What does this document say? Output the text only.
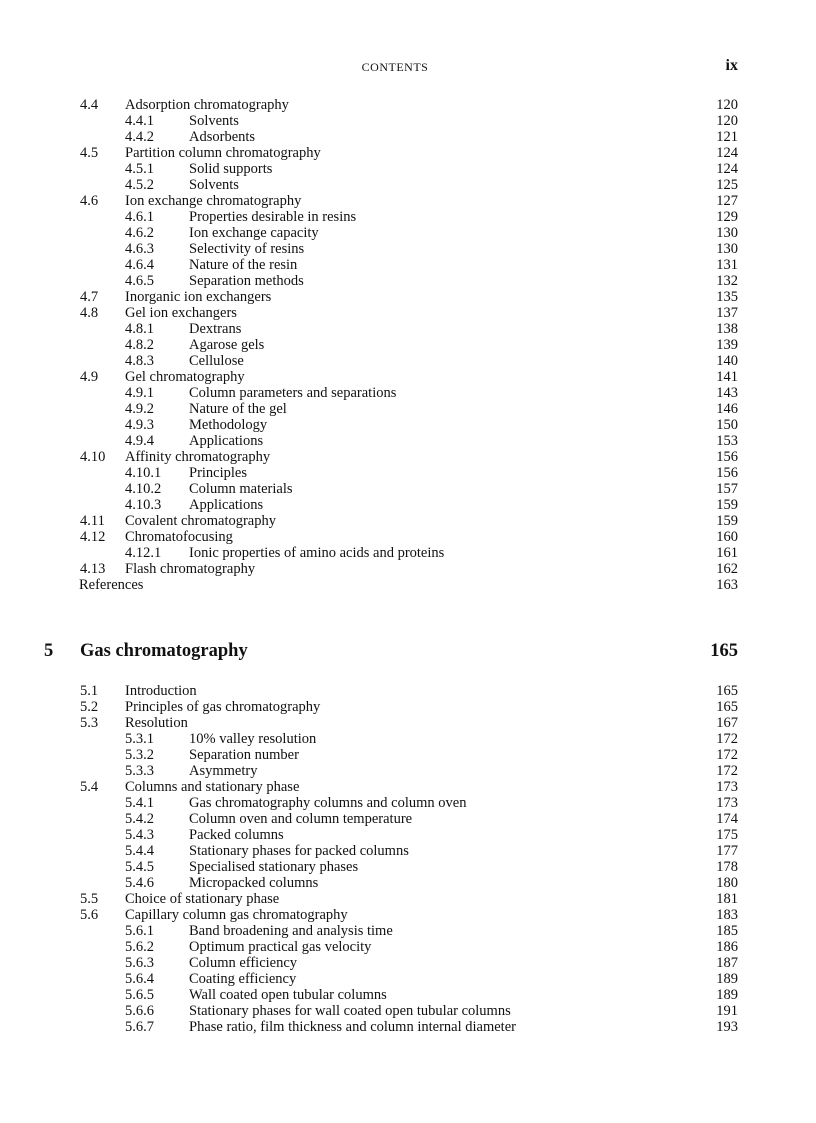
CONTENTS	ix
4.4 Adsorption chromatography	120
4.4.1 Solvents	120
4.4.2 Adsorbents	121
4.5 Partition column chromatography	124
4.5.1 Solid supports	124
4.5.2 Solvents	125
4.6 Ion exchange chromatography	127
4.6.1 Properties desirable in resins	129
4.6.2 Ion exchange capacity	130
4.6.3 Selectivity of resins	130
4.6.4 Nature of the resin	131
4.6.5 Separation methods	132
4.7 Inorganic ion exchangers	135
4.8 Gel ion exchangers	137
4.8.1 Dextrans	138
4.8.2 Agarose gels	139
4.8.3 Cellulose	140
4.9 Gel chromatography	141
4.9.1 Column parameters and separations	143
4.9.2 Nature of the gel	146
4.9.3 Methodology	150
4.9.4 Applications	153
4.10 Affinity chromatography	156
4.10.1 Principles	156
4.10.2 Column materials	157
4.10.3 Applications	159
4.11 Covalent chromatography	159
4.12 Chromatofocusing	160
4.12.1 Ionic properties of amino acids and proteins	161
4.13 Flash chromatography	162
References	163
5 Gas chromatography	165
5.1 Introduction	165
5.2 Principles of gas chromatography	165
5.3 Resolution	167
5.3.1 10% valley resolution	172
5.3.2 Separation number	172
5.3.3 Asymmetry	172
5.4 Columns and stationary phase	173
5.4.1 Gas chromatography columns and column oven	173
5.4.2 Column oven and column temperature	174
5.4.3 Packed columns	175
5.4.4 Stationary phases for packed columns	177
5.4.5 Specialised stationary phases	178
5.4.6 Micropacked columns	180
5.5 Choice of stationary phase	181
5.6 Capillary column gas chromatography	183
5.6.1 Band broadening and analysis time	185
5.6.2 Optimum practical gas velocity	186
5.6.3 Column efficiency	187
5.6.4 Coating efficiency	189
5.6.5 Wall coated open tubular columns	189
5.6.6 Stationary phases for wall coated open tubular columns	191
5.6.7 Phase ratio, film thickness and column internal diameter	193
